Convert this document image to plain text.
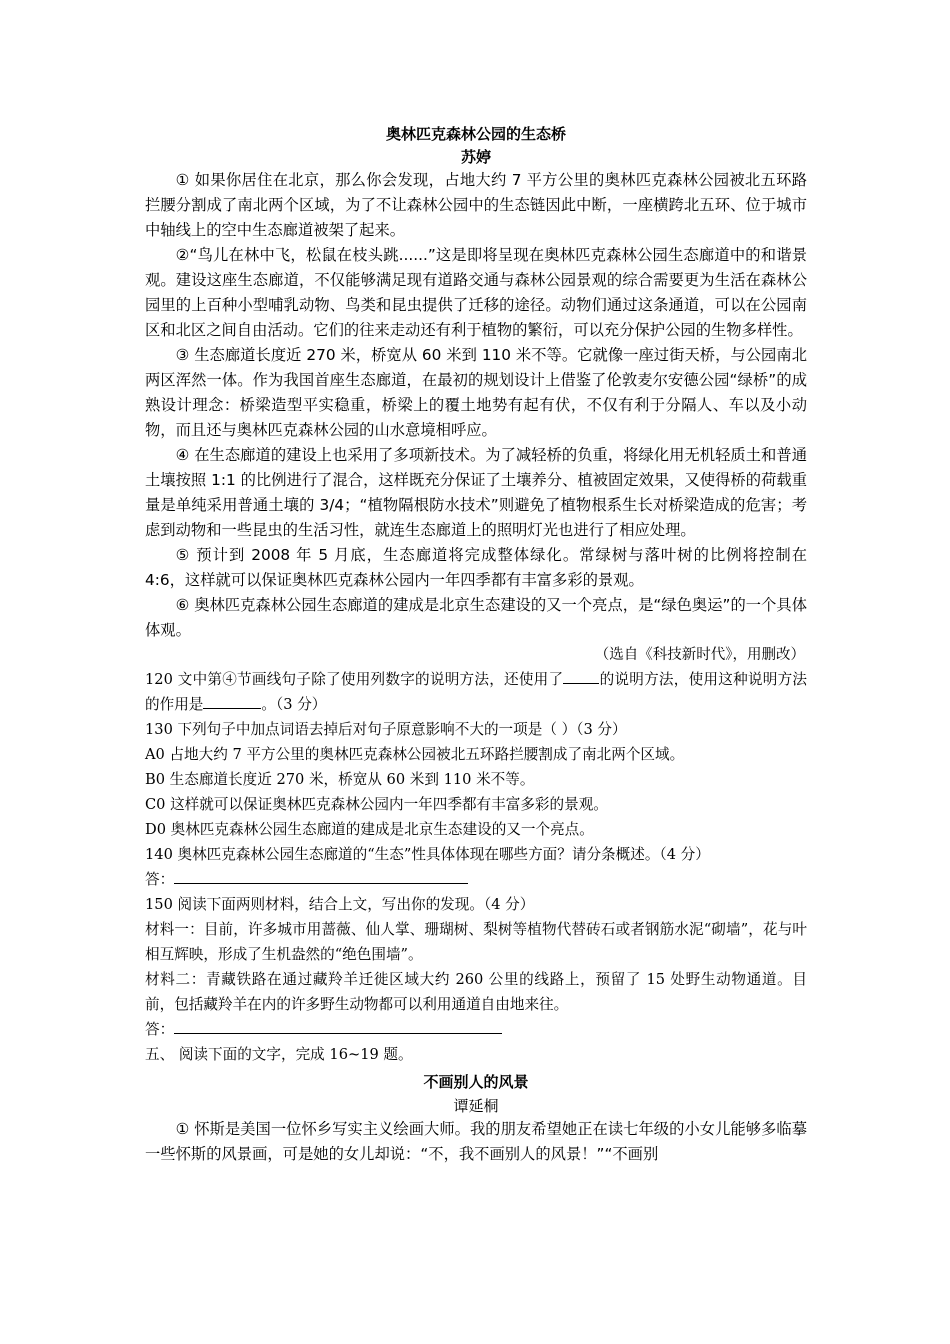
奥林匹克森林公园的生态桥
苏婷

① 如果你居住在北京，那么你会发现，占地大约 7 平方公里的奥林匹克森林公园被北五环路拦腰分割成了南北两个区域，为了不让森林公园中的生态链因此中断，一座横跨北五环、位于城市中轴线上的空中生态廊道被架了起来。

②“鸟儿在林中飞，松鼠在枝头跳......”这是即将呈现在奥林匹克森林公园生态廊道中的和谐景观。建设这座生态廊道，不仅能够满足现有道路交通与森林公园景观的综合需要更为生活在森林公园里的上百种小型哺乳动物、鸟类和昆虫提供了迁移的途径。动物们通过这条通道，可以在公园南区和北区之间自由活动。它们的往来走动还有利于植物的繁衍，可以充分保护公园的生物多样性。

③ 生态廊道长度近 270 米，桥宽从 60 米到 110 米不等。它就像一座过街天桥，与公园南北两区浑然一体。作为我国首座生态廊道，在最初的规划设计上借鉴了伦敦麦尔安德公园“绿桥”的成熟设计理念：桥梁造型平实稳重，桥梁上的覆土地势有起有伏，不仅有利于分隔人、车以及小动物，而且还与奥林匹克森林公园的山水意境相呼应。

④ 在生态廊道的建设上也采用了多项新技术。为了减轻桥的负重，将绿化用无机轻质土和普通土壤按照 1:1 的比例进行了混合，这样既充分保证了土壤养分、植被固定效果，又使得桥的荷载重量是单纯采用普通土壤的 3/4；“植物隔根防水技术”则避免了植物根系生长对桥梁造成的危害；考虑到动物和一些昆虫的生活习性，就连生态廊道上的照明灯光也进行了相应处理。

⑤ 预计到 2008 年 5 月底，生态廊道将完成整体绿化。常绿树与落叶树的比例将控制在 4:6，这样就可以保证奥林匹克森林公园内一年四季都有丰富多彩的景观。

⑥ 奥林匹克森林公园生态廊道的建成是北京生态建设的又一个亮点，是“绿色奥运”的一个具体体观。

（选自《科技新时代》，用删改）

120 文中第④节画线句子除了使用列数字的说明方法，还使用了 的说明方法，使用这种说明方法的作用是	。（3 分）

130 下列句子中加点词语去掉后对句子原意影响不大的一项是（ ）（3 分）

A0 占地大约 7 平方公里的奥林匹克森林公园被北五环路拦腰割成了南北两个区域。

B0 生态廊道长度近 270 米，桥宽从 60 米到 110 米不等。

C0 这样就可以保证奥林匹克森林公园内一年四季都有丰富多彩的景观。

D0 奥林匹克森林公园生态廊道的建成是北京生态建设的又一个亮点。

140 奥林匹克森林公园生态廊道的“生态”性具体体现在哪些方面？请分条概述。（4 分）

答：

150 阅读下面两则材料，结合上文，写出你的发现。（4 分）

材料一：目前，许多城市用蔷薇、仙人掌、珊瑚树、梨树等植物代替砖石或者钢筋水泥“砌墙”，花与叶相互辉映，形成了生机盎然的“绝色围墙”。

材料二：青藏铁路在通过藏羚羊迁徙区域大约 260 公里的线路上，预留了 15 处野生动物通道。目前，包括藏羚羊在内的许多野生动物都可以利用通道自由地来往。

答：

五、 阅读下面的文字，完成 16~19 题。

不画别人的风景
谭延桐

① 怀斯是美国一位怀乡写实主义绘画大师。我的朋友希望她正在读七年级的小女儿能够多临摹一些怀斯的风景画，可是她的女儿却说：“不，我不画别人的风景！”“不画别
